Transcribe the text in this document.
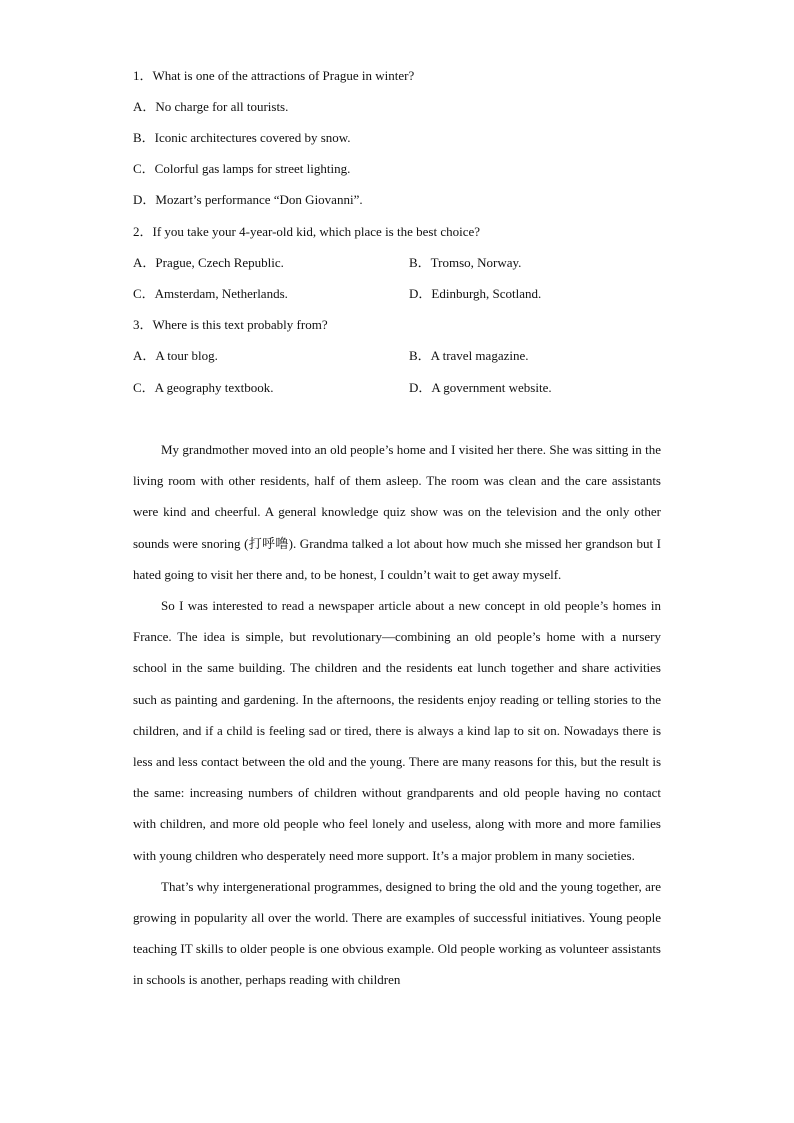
1．What is one of the attractions of Prague in winter?
A．No charge for all tourists.
B．Iconic architectures covered by snow.
C．Colorful gas lamps for street lighting.
D．Mozart’s performance “Don Giovanni”.
2．If you take your 4-year-old kid, which place is the best choice?
A．Prague, Czech Republic.	B．Tromso, Norway.
C．Amsterdam, Netherlands.	D．Edinburgh, Scotland.
3．Where is this text probably from?
A．A tour blog.	B．A travel magazine.
C．A geography textbook.	D．A government website.

My grandmother moved into an old people’s home and I visited her there. She was sitting in the living room with other residents, half of them asleep. The room was clean and the care assistants were kind and cheerful. A general knowledge quiz show was on the television and the only other sounds were snoring (打呼噜). Grandma talked a lot about how much she missed her grandson but I hated going to visit her there and, to be honest, I couldn’t wait to get away myself.

So I was interested to read a newspaper article about a new concept in old people’s homes in France. The idea is simple, but revolutionary—combining an old people’s home with a nursery school in the same building. The children and the residents eat lunch together and share activities such as painting and gardening. In the afternoons, the residents enjoy reading or telling stories to the children, and if a child is feeling sad or tired, there is always a kind lap to sit on. Nowadays there is less and less contact between the old and the young. There are many reasons for this, but the result is the same: increasing numbers of children without grandparents and old people having no contact with children, and more old people who feel lonely and useless, along with more and more families with young children who desperately need more support. It’s a major problem in many societies.

That’s why intergenerational programmes, designed to bring the old and the young together, are growing in popularity all over the world. There are examples of successful initiatives. Young people teaching IT skills to older people is one obvious example. Old people working as volunteer assistants in schools is another, perhaps reading with children
